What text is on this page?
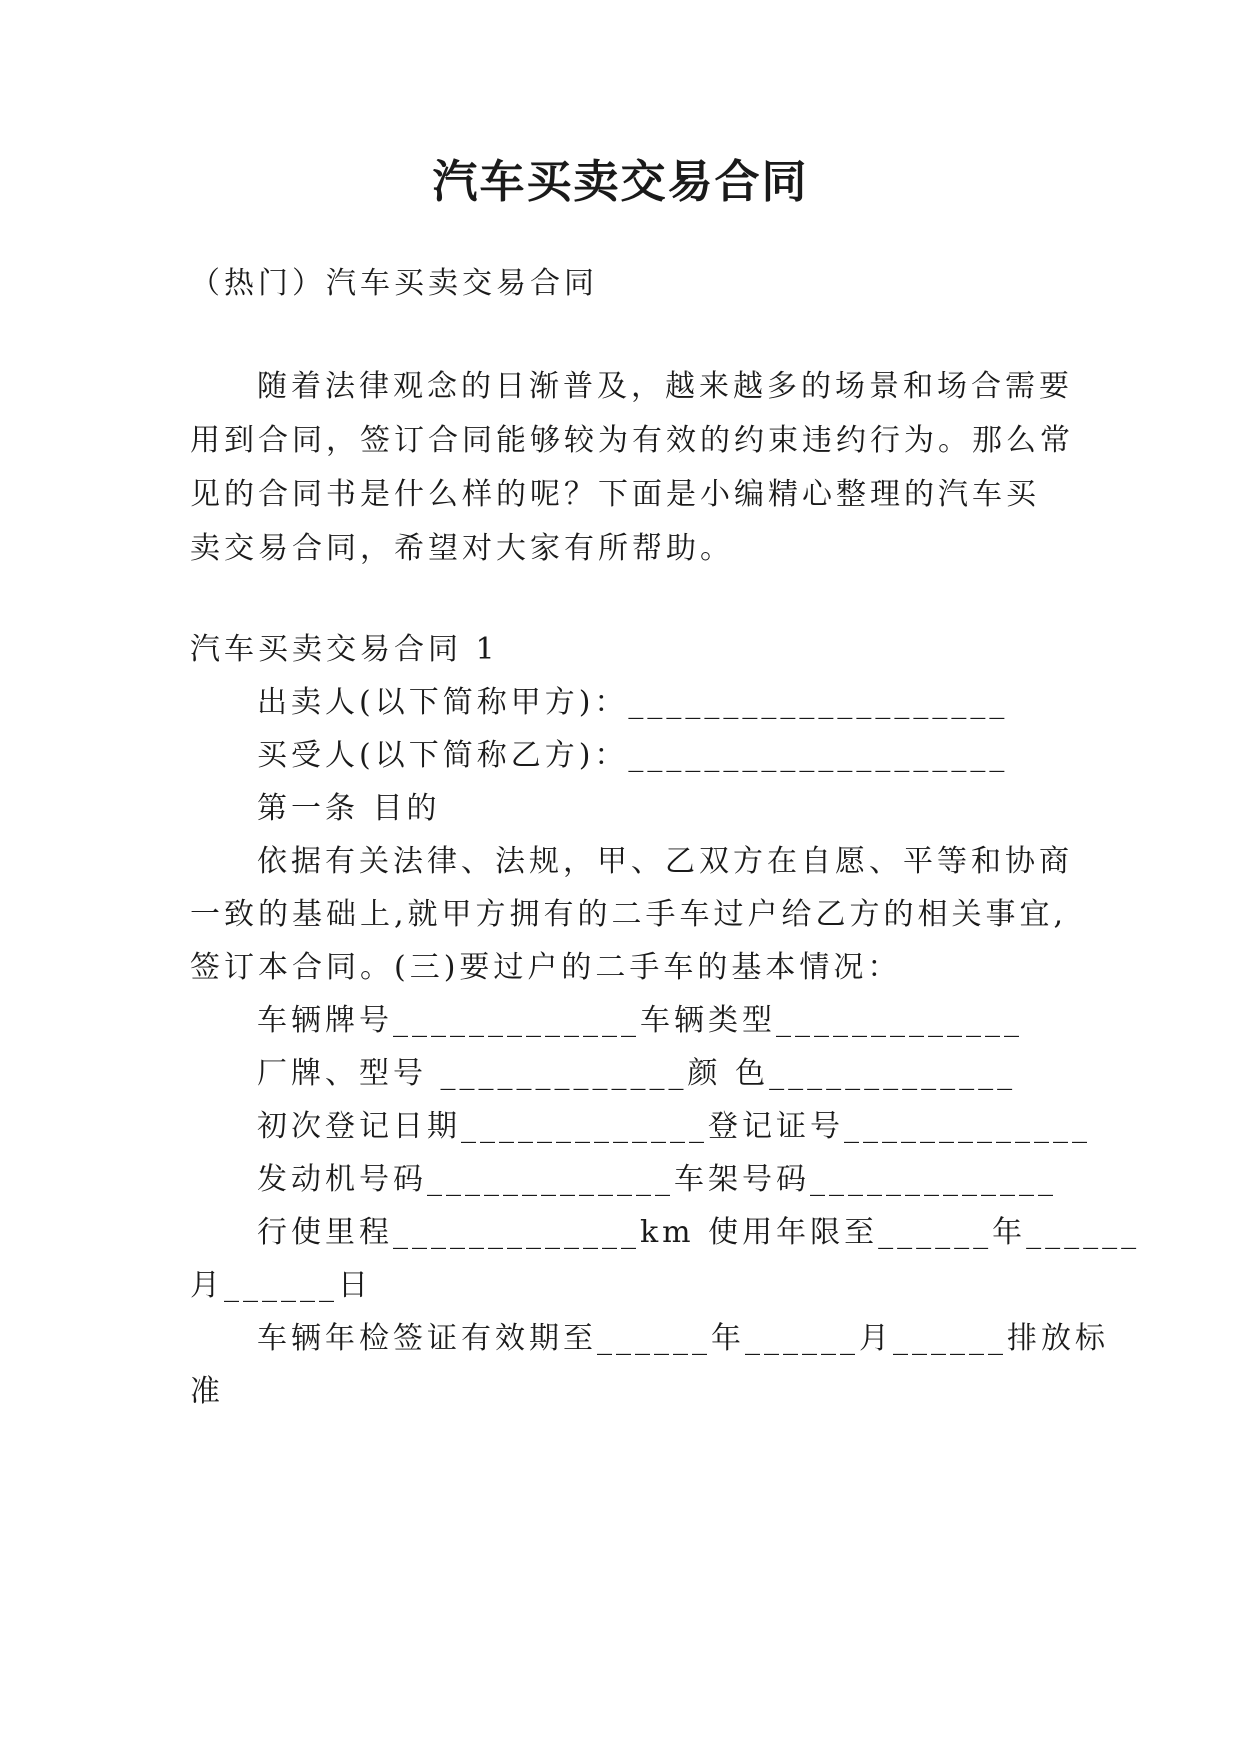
汽车买卖交易合同
（热门）汽车买卖交易合同
随着法律观念的日渐普及，越来越多的场景和场合需要
用到合同，签订合同能够较为有效的约束违约行为。那么常
见的合同书是什么样的呢？下面是小编精心整理的汽车买
卖交易合同，希望对大家有所帮助。
汽车买卖交易合同 1
出卖人(以下简称甲方)：____________________
买受人(以下简称乙方)：____________________
第一条 目的
依据有关法律、法规，甲、乙双方在自愿、平等和协商
一致的基础上,就甲方拥有的二手车过户给乙方的相关事宜,
签订本合同。(三)要过户的二手车的基本情况：
车辆牌号_____________车辆类型_____________
厂牌、型号 _____________颜 色_____________
初次登记日期_____________登记证号_____________
发动机号码_____________车架号码_____________
行使里程_____________km 使用年限至______年______
月______日
车辆年检签证有效期至______年______月______排放标
准
